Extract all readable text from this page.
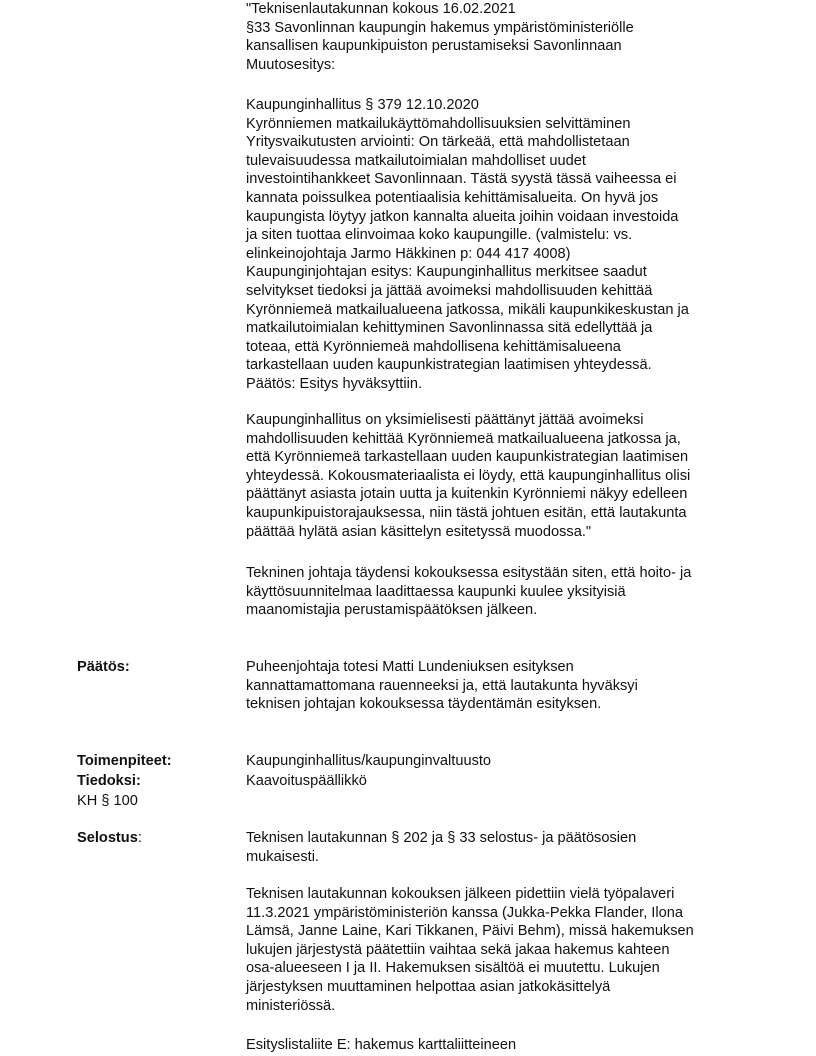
"Teknisenlautakunnan kokous 16.02.2021
§33 Savonlinnan kaupungin hakemus ympäristöministeriölle
kansallisen kaupunkipuiston perustamiseksi Savonlinnaan
Muutosesitys:
Kaupunginhallitus § 379 12.10.2020
Kyrönniemen matkailukäyttömahdollisuuksien selvittäminen
Yritysvaikutusten arviointi: On tärkeää, että mahdollistetaan
tulevaisuudessa matkailutoimialan mahdolliset uudet
investointihankkeet Savonlinnaan. Tästä syystä tässä vaiheessa ei
kannata poissulkea potentiaalisia kehittämisalueita. On hyvä jos
kaupungista löytyy jatkon kannalta alueita joihin voidaan investoida
ja siten tuottaa elinvoimaa koko kaupungille. (valmistelu: vs.
elinkeinojohtaja Jarmo Häkkinen p: 044 417 4008)
Kaupunginjohtajan esitys: Kaupunginhallitus merkitsee saadut
selvitykset tiedoksi ja jättää avoimeksi mahdollisuuden kehittää
Kyrönniemeä matkailualueena jatkossa, mikäli kaupunkikeskustan ja
matkailutoimialan kehittyminen Savonlinnassa sitä edellyttää ja
toteaa, että Kyrönniemeä mahdollisena kehittämisalueena
tarkastellaan uuden kaupunkistrategian laatimisen yhteydessä.
Päätös: Esitys hyväksyttiin.
Kaupunginhallitus on yksimielisesti päättänyt jättää avoimeksi
mahdollisuuden kehittää Kyrönniemeä matkailualueena jatkossa ja,
että Kyrönniemeä tarkastellaan uuden kaupunkistrategian laatimisen
yhteydessä. Kokousmateriaalista ei löydy, että kaupunginhallitus olisi
päättänyt asiasta jotain uutta ja kuitenkin Kyrönniemi näkyy edelleen
kaupunkipuistorajauksessa, niin tästä johtuen esitän, että lautakunta
päättää hylätä asian käsittelyn esitetyssä muodossa."
Tekninen johtaja täydensi kokouksessa esitystään siten, että hoito- ja
käyttösuunnitelmaa laadittaessa kaupunki kuulee yksityisiä
maanomistajia perustamispäätöksen jälkeen.
Päätös:	Puheenjohtaja totesi Matti Lundeniuksen esityksen
kannattamattomana rauenneeksi ja, että lautakunta hyväksyi
teknisen johtajan kokouksessa täydentämän esityksen.
Toimenpiteet:	Kaupunginhallitus/kaupunginvaltuusto
Tiedoksi:	Kaavoituspäällikkö
KH § 100
Selostus:	Teknisen lautakunnan § 202 ja § 33 selostus- ja päätösosien
mukaisesti.
Teknisen lautakunnan kokouksen jälkeen pidettiin vielä työpalaveri
11.3.2021 ympäristöministeriön kanssa (Jukka-Pekka Flander, Ilona
Lämsä, Janne Laine, Kari Tikkanen, Päivi Behm), missä hakemuksen
lukujen järjestystä päätettiin vaihtaa sekä jakaa hakemus kahteen
osa-alueeseen I ja II. Hakemuksen sisältöä ei muutettu. Lukujen
järjestyksen muuttaminen helpottaa asian jatkokäsittelyä
ministeriössä.
Esityslistaliite E: hakemus karttaliitteineen
